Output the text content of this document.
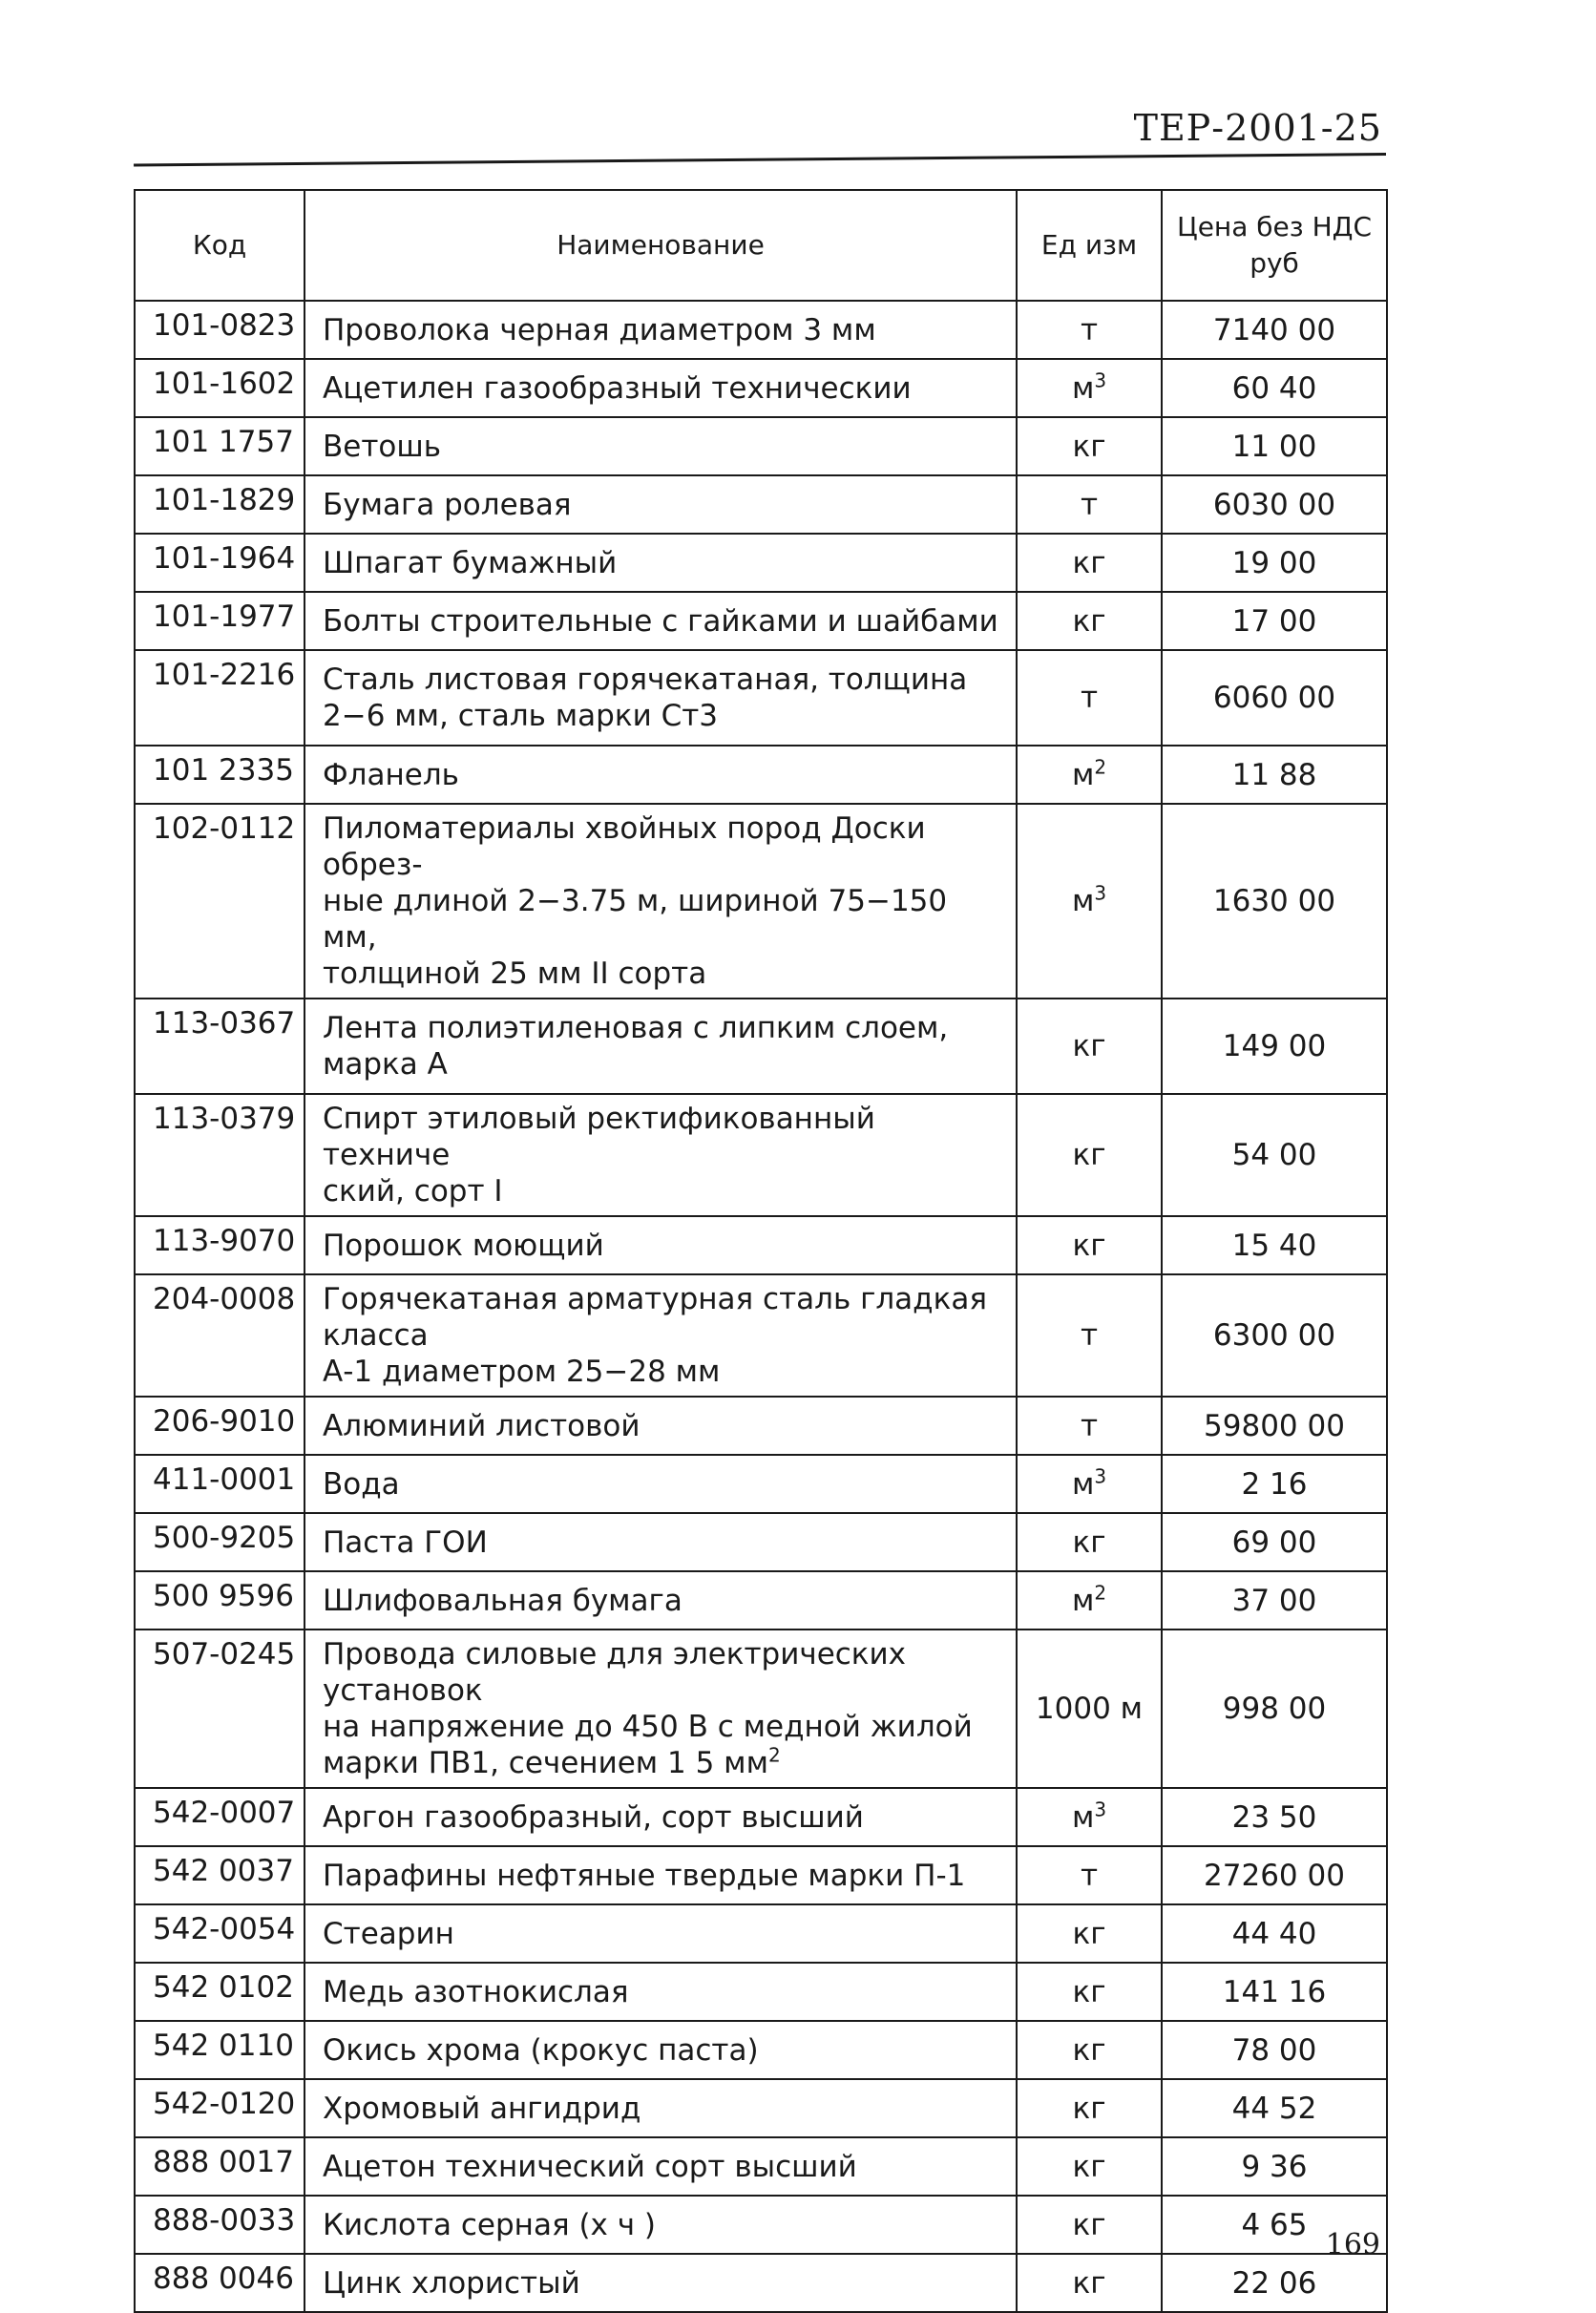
ТЕР-2001-25
Код	Наименование	Ед изм	Цена без НДС руб
101-0823	Проволока черная диаметром 3 мм	т	7140 00
101-1602	Ацетилен газообразный техническии	$м^3$	60 40
101 1757	Ветошь	кг	11 00
101-1829	Бумага ролевая	т	6030 00
101-1964	Шпагат бумажный	кг	19 00
101-1977	Болты строительные с гайками и шайбами	кг	17 00
101-2216	Сталь листовая горячекатаная, толщина
2−6 мм, сталь марки Ст3	т	6060 00
101 2335	Фланель	$м^2$	11 88
102-0112	Пиломатериалы хвойных пород Доски обрез-
ные длиной 2−3.75 м, шириной 75−150 мм,
толщиной 25 мм II сорта	$м^3$	1630 00
113-0367	Лента полиэтиленовая с липким слоем,
марка А	кг	149 00
113-0379	Спирт этиловый ректификованный техниче
ский, сорт I	кг	54 00
113-9070	Порошок моющий	кг	15 40
204-0008	Горячекатаная арматурная сталь гладкая класса
А-1 диаметром 25−28 мм	т	6300 00
206-9010	Алюминий листовой	т	59800 00
411-0001	Вода	$м^3$	2 16
500-9205	Паста ГОИ	кг	69 00
500 9596	Шлифовальная бумага	$м^2$	37 00
507-0245	Провода силовые для электрических установок
на напряжение до 450 В с медной жилой
марки ПВ1, сечением 1 5 $мм^2$	1000 м	998 00
542-0007	Аргон газообразный, сорт высший	$м^3$	23 50
542 0037	Парафины нефтяные твердые марки П-1	т	27260 00
542-0054	Стеарин	кг	44 40
542 0102	Медь азотнокислая	кг	141 16
542 0110	Окись хрома (крокус паста)	кг	78 00
542-0120	Хромовый ангидрид	кг	44 52
888 0017	Ацетон технический сорт высший	кг	9 36
888-0033	Кислота серная (х ч )	кг	4 65
888 0046	Цинк хлористый	кг	22 06
169
